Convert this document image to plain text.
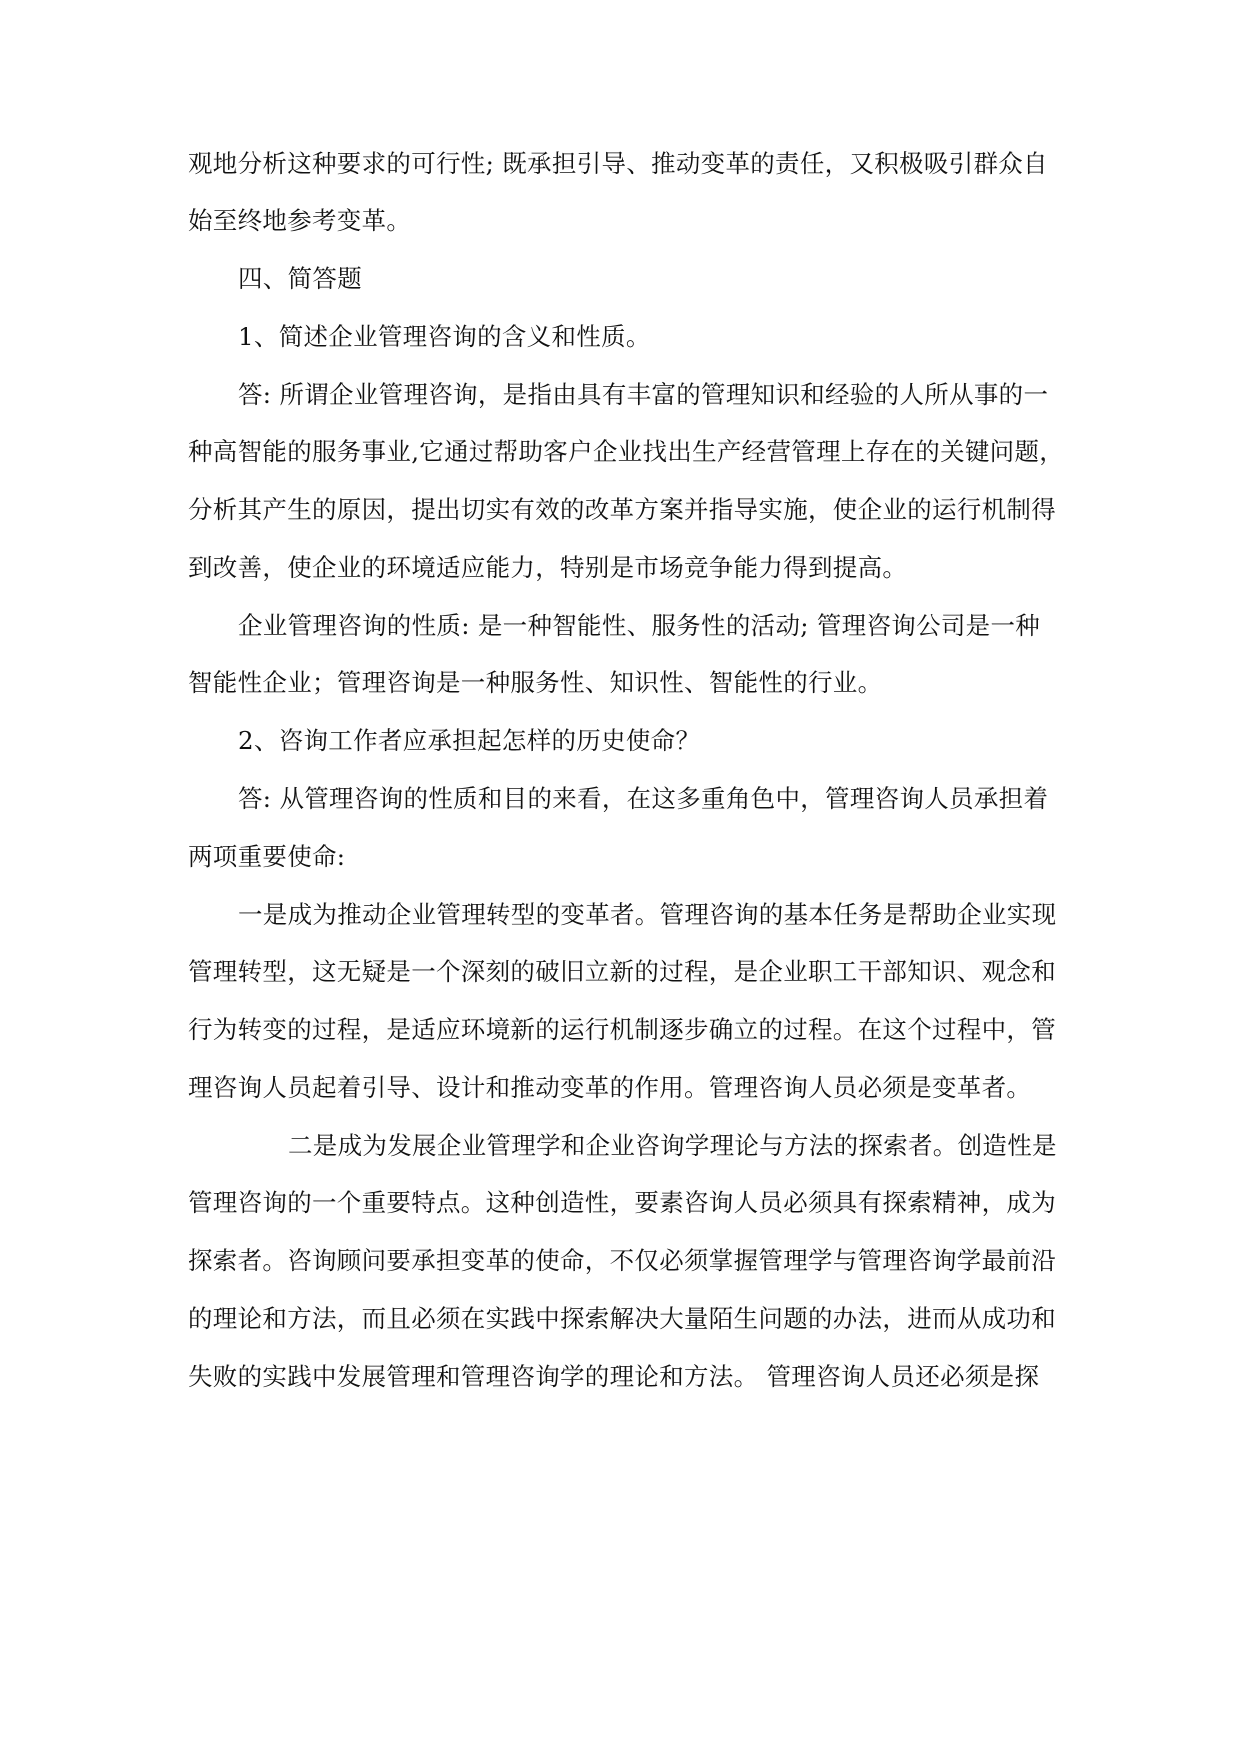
观地分析这种要求的可行性; 既承担引导、推动变革的责任，又积极吸引群众自
始至终地参考变革。
四、简答题
1、简述企业管理咨询的含义和性质。
答: 所谓企业管理咨询，是指由具有丰富的管理知识和经验的人所从事的一
种高智能的服务事业,它通过帮助客户企业找出生产经营管理上存在的关键问题，
分析其产生的原因，提出切实有效的改革方案并指导实施，使企业的运行机制得
到改善，使企业的环境适应能力，特别是市场竞争能力得到提高。
企业管理咨询的性质: 是一种智能性、服务性的活动; 管理咨询公司是一种
智能性企业；管理咨询是一种服务性、知识性、智能性的行业。
2、咨询工作者应承担起怎样的历史使命？
答: 从管理咨询的性质和目的来看，在这多重角色中，管理咨询人员承担着
两项重要使命:
一是成为推动企业管理转型的变革者。管理咨询的基本任务是帮助企业实现
管理转型，这无疑是一个深刻的破旧立新的过程，是企业职工干部知识、观念和
行为转变的过程，是适应环境新的运行机制逐步确立的过程。在这个过程中，管
理咨询人员起着引导、设计和推动变革的作用。管理咨询人员必须是变革者。
二是成为发展企业管理学和企业咨询学理论与方法的探索者。创造性是
管理咨询的一个重要特点。这种创造性，要素咨询人员必须具有探索精神，成为
探索者。咨询顾问要承担变革的使命，不仅必须掌握管理学与管理咨询学最前沿
的理论和方法，而且必须在实践中探索解决大量陌生问题的办法，进而从成功和
失败的实践中发展管理和管理咨询学的理论和方法。 管理咨询人员还必须是探
